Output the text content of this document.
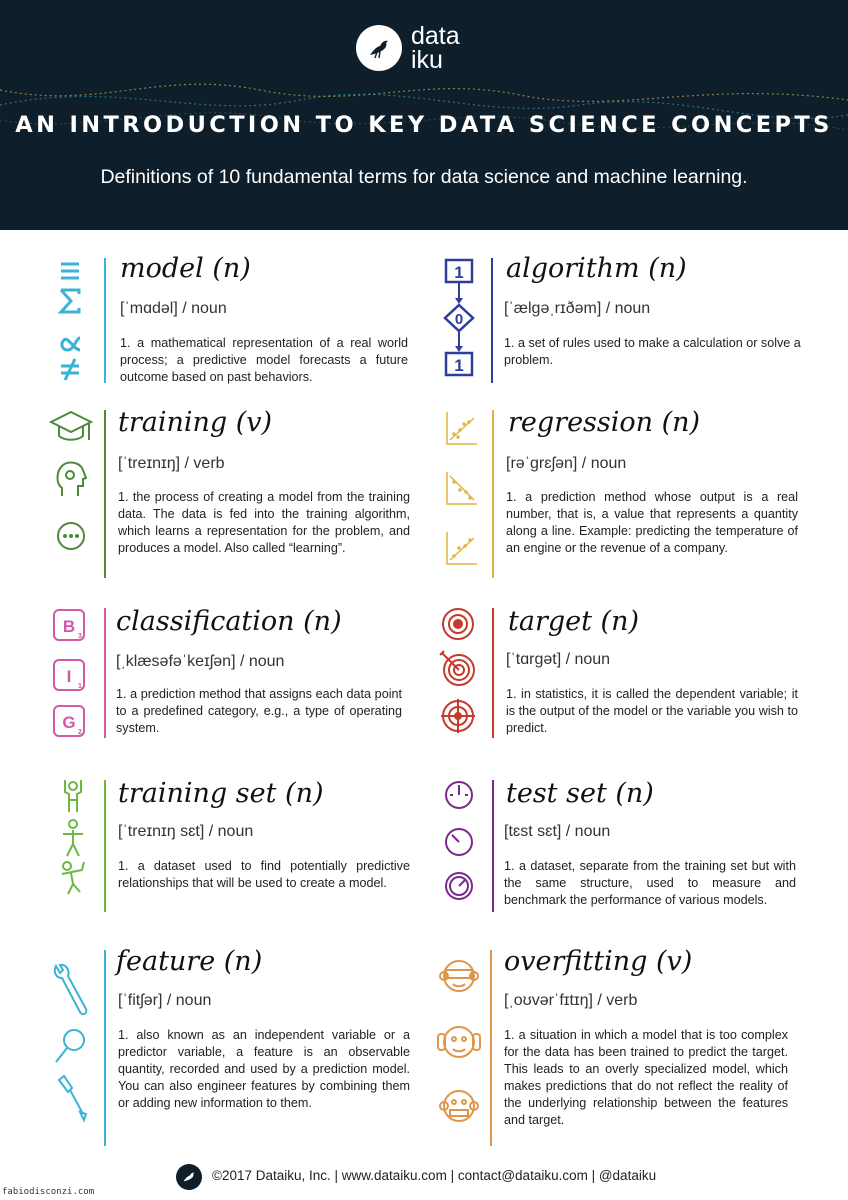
data
iku
AN INTRODUCTION TO KEY DATA SCIENCE CONCEPTS
Definitions of 10 fundamental terms for data science and machine learning.
model (n)
[ˈmɑdəl] / noun
1. a mathematical representation of a real world process; a predictive model forecasts a future outcome based on past behaviors.
1
0
1
algorithm (n)
[ˈælgəˌrɪðəm] / noun
1. a set of rules used to make a calculation or solve a problem.
training (v)
[ˈtreɪnɪŋ] / verb
1. the process of creating a model from the training data. The data is fed into the training algorithm, which learns a representation for the problem, and produces a model. Also called “learning”.
regression (n)
[rəˈgrɛʃən] / noun
1. a prediction method whose output is a real number, that is, a value that represents a quantity along a line. Example: predicting the temperature of an engine or the revenue of a company.
B
3
I
1
G
2
classification (n)
[ˌklæsəfəˈkeɪʃən] / noun
1. a prediction method that assigns each data point to a predefined category, e.g., a type of operating system.
target (n)
[ˈtɑrgət] / noun
1. in statistics, it is called the dependent variable; it is the output of the model or the variable you wish to predict.
training set (n)
[ˈtreɪnɪŋ sɛt] / noun
1. a dataset used to find potentially predictive relationships that will be used to create a model.
test set (n)
[tɛst sɛt] / noun
1. a dataset, separate from the training set but with the same structure, used to measure and benchmark the performance of various models.
feature (n)
[ˈfitʃər] / noun
1. also known as an independent variable or a predictor variable, a feature is an observable quantity, recorded and used by a prediction model. You can also engineer features by combining them or adding new information to them.
overfitting (v)
[ˌoʊvərˈfɪtɪŋ] / verb
1. a situation in which a model that is too complex for the data has been trained to predict the target. This leads to an overly specialized model, which makes predictions that do not reflect the reality of the underlying relationship between the features and target.
©2017 Dataiku, Inc. | www.dataiku.com | contact@dataiku.com | @dataiku
fabiodisconzi.com
